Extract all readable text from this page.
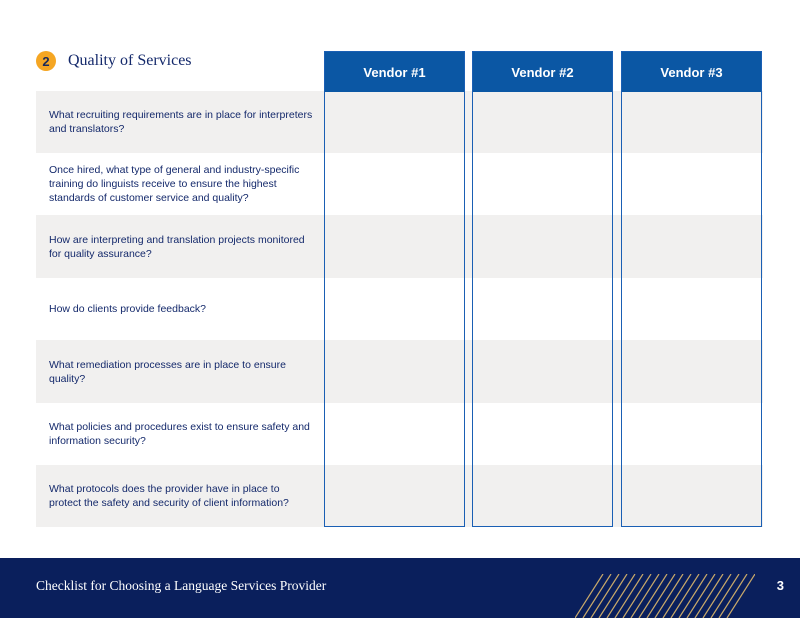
2	Quality of Services
Vendor #1	Vendor #2	Vendor #3
What recruiting requirements are in place for interpreters and translators?
Once hired, what type of general and industry-specific training do linguists receive to ensure the highest standards of customer service and quality?
How are interpreting and translation projects monitored for quality assurance?
How do clients provide feedback?
What remediation processes are in place to ensure quality?
What policies and procedures exist to ensure safety and information security?
What protocols does the provider have in place to protect the safety and security of client information?
Checklist for Choosing a Language Services Provider	3
